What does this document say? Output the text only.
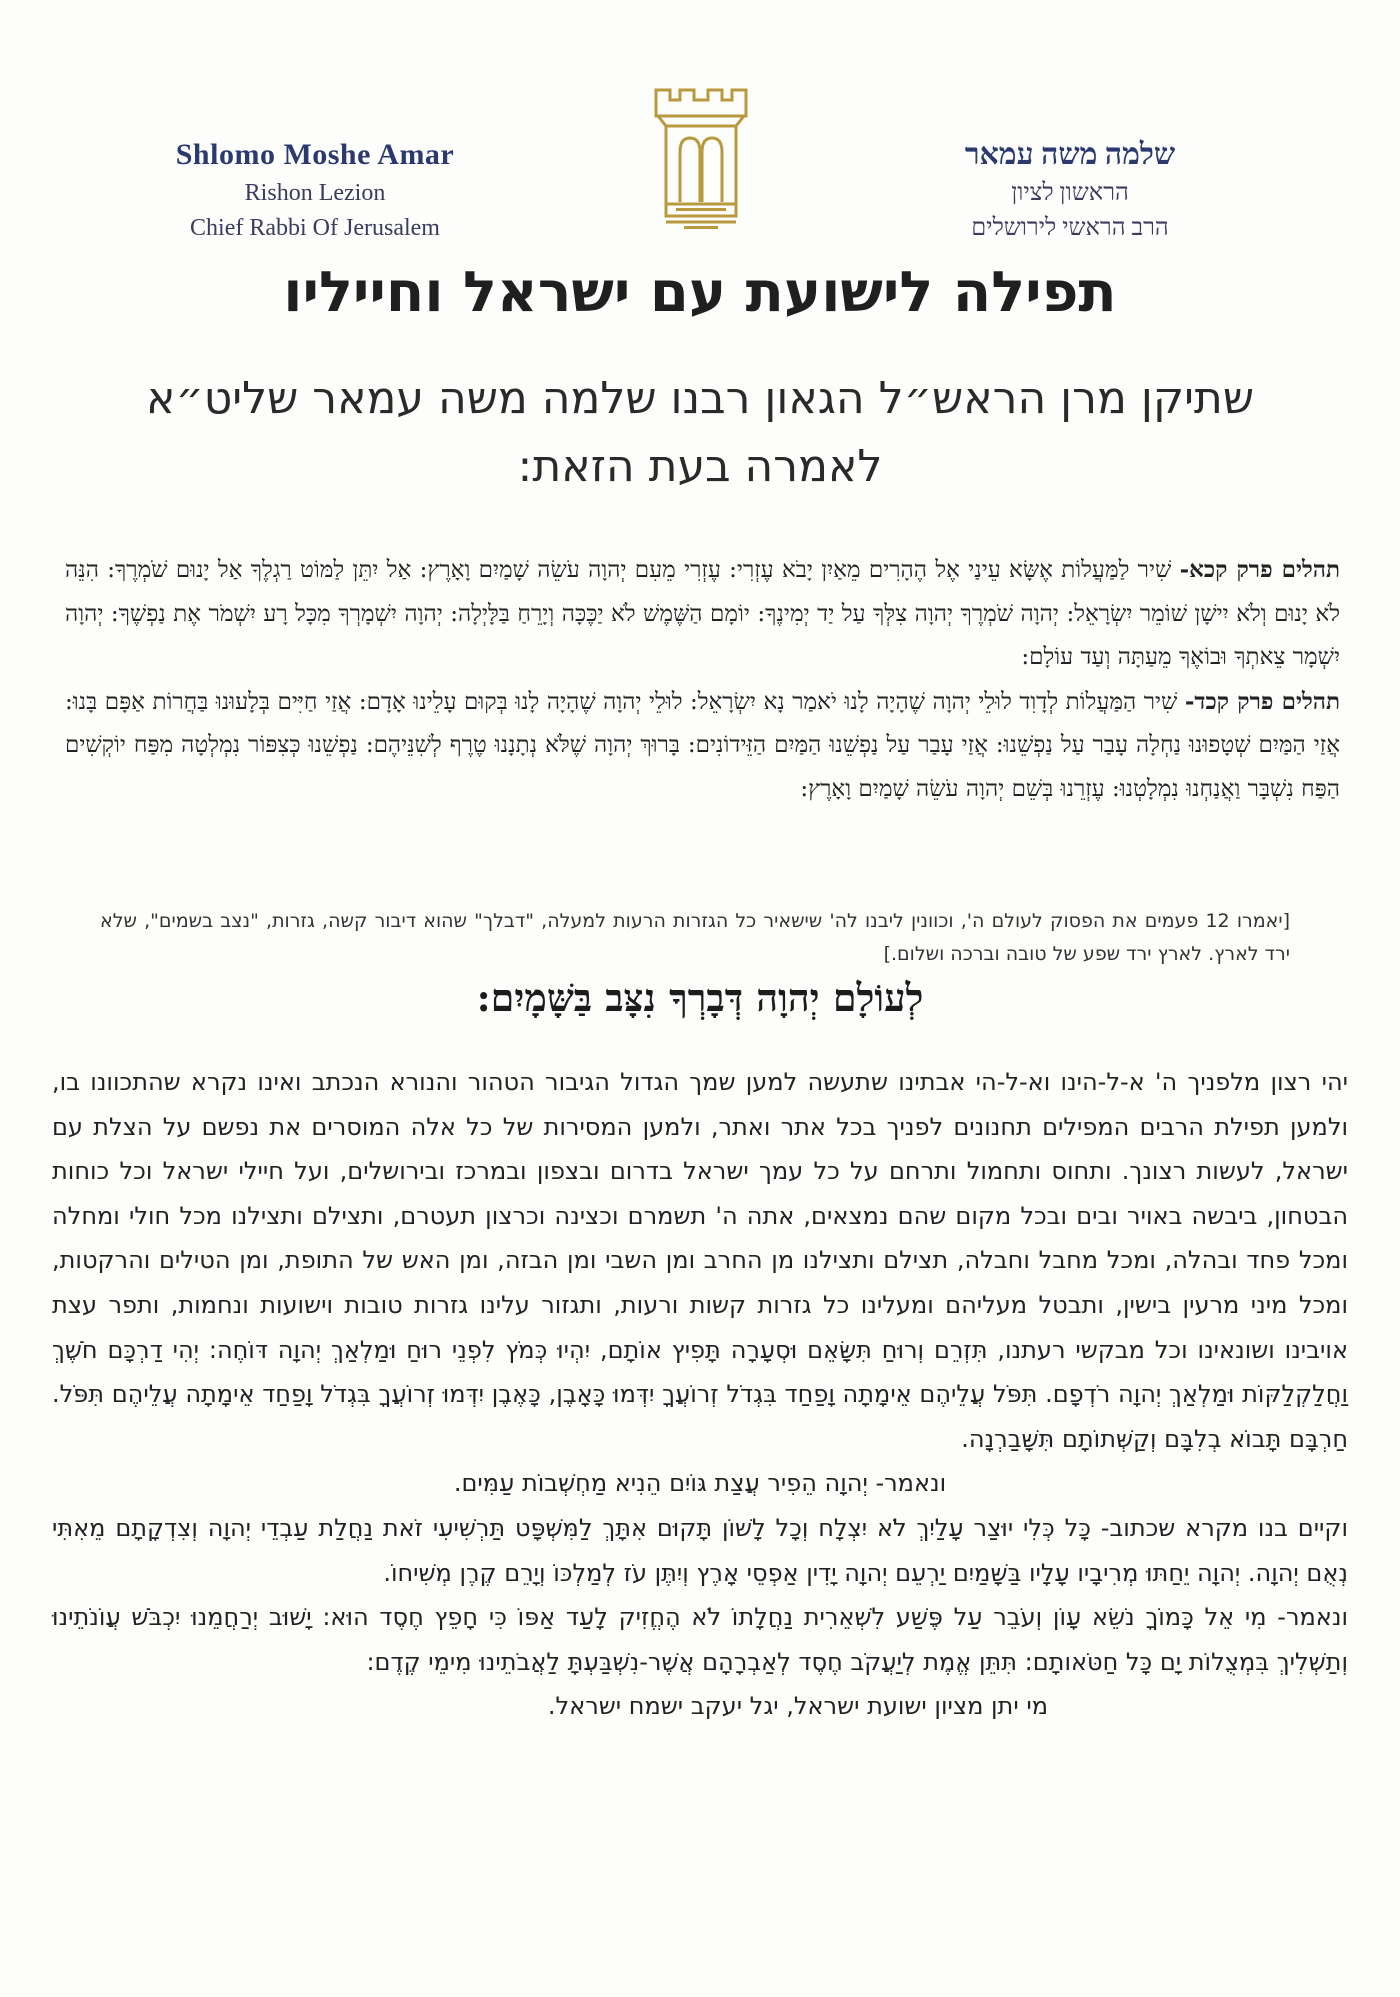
Shlomo Moshe Amar
Rishon Lezion
Chief Rabbi Of Jerusalem
שלמה משה עמאר
הראשון לציון
הרב הראשי לירושלים
תפילה לישועת עם ישראל וחייליו
שתיקן מרן הראש״ל הגאון רבנו שלמה משה עמאר שליט״א
לאמרה בעת הזאת:

תהלים פרק קכא- שִׁיר לַמַּעֲלוֹת אֶשָּׂא עֵינַי אֶל הֶהָרִים מֵאַיִן יָבֹא עֶזְרִי: עֶזְרִי מֵעִם יְהוָה עֹשֵׂה שָׁמַיִם וָאָרֶץ: אַל יִתֵּן לַמּוֹט רַגְלֶךָ אַל יָנוּם שֹׁמְרֶךָ: הִנֵּה לֹא יָנוּם וְלֹא יִישָׁן שׁוֹמֵר יִשְׂרָאֵל: יְהוָה שֹׁמְרֶךָ יְהוָה צִלְּךָ עַל יַד יְמִינֶךָ: יוֹמָם הַשֶּׁמֶשׁ לֹא יַכֶּכָּה וְיָרֵחַ בַּלָּיְלָה: יְהוָה יִשְׁמָרְךָ מִכָּל רָע יִשְׁמֹר אֶת נַפְשֶׁךָ: יְהוָה יִשְׁמָר צֵאתְךָ וּבוֹאֶךָ מֵעַתָּה וְעַד עוֹלָם:

תהלים פרק קכד- שִׁיר הַמַּעֲלוֹת לְדָוִד לוּלֵי יְהוָה שֶׁהָיָה לָנוּ יֹאמַר נָא יִשְׂרָאֵל: לוּלֵי יְהוָה שֶׁהָיָה לָנוּ בְּקוּם עָלֵינוּ אָדָם: אֲזַי חַיִּים בְּלָעוּנוּ בַּחֲרוֹת אַפָּם בָּנוּ: אֲזַי הַמַּיִם שְׁטָפוּנוּ נַחְלָה עָבַר עַל נַפְשֵׁנוּ: אֲזַי עָבַר עַל נַפְשֵׁנוּ הַמַּיִם הַזֵּידוֹנִים: בָּרוּךְ יְהוָה שֶׁלֹּא נְתָנָנוּ טֶרֶף לְשִׁנֵּיהֶם: נַפְשֵׁנוּ כְּצִפּוֹר נִמְלְטָה מִפַּח יוֹקְשִׁים הַפַּח נִשְׁבָּר וַאֲנַחְנוּ נִמְלָטְנוּ: עֶזְרֵנוּ בְּשֵׁם יְהוָה עֹשֵׂה שָׁמַיִם וָאָרֶץ:

[יאמרו 12 פעמים את הפסוק לעולם ה', וכוונין ליבנו לה' שישאיר כל הגזרות הרעות למעלה, "דבלך" שהוא דיבור קשה, גזרות, "נצב בשמים", שלא ירד לארץ. לארץ ירד שפע של טובה וברכה ושלום.]
לְעוֹלָם יְהוָה דְּבָרְךָ נִצָּב בַּשָּׁמָיִם:

יהי רצון מלפניך ה' א-ל-הינו וא-ל-הי אבתינו שתעשה למען שמך הגדול הגיבור הטהור והנורא הנכתב ואינו נקרא שהתכוונו בו, ולמען תפילת הרבים המפילים תחנונים לפניך בכל אתר ואתר, ולמען המסירות של כל אלה המוסרים את נפשם על הצלת עם ישראל, לעשות רצונך. ותחוס ותחמול ותרחם על כל עמך ישראל בדרום ובצפון ובמרכז ובירושלים, ועל חיילי ישראל וכל כוחות הבטחון, ביבשה באויר ובים ובכל מקום שהם נמצאים, אתה ה' תשמרם וכצינה וכרצון תעטרם, ותצילם ותצילנו מכל חולי ומחלה ומכל פחד ובהלה, ומכל מחבל וחבלה, תצילם ותצילנו מן החרב ומן השבי ומן הבזה, ומן האש של התופת, ומן הטילים והרקטות, ומכל מיני מרעין בישין, ותבטל מעליהם ומעלינו כל גזרות קשות ורעות, ותגזור עלינו גזרות טובות וישועות ונחמות, ותפר עצת אויבינו ושונאינו וכל מבקשי רעתנו, תִּזְרֵם וְרוּחַ תִּשָּׂאֵם וּסְעָרָה תָּפִיץ אוֹתָם, יִהְיוּ כְּמֹץ לִפְנֵי רוּחַ וּמַלְאַךְ יְהוָה דּוֹחֶה: יְהִי דַרְכָּם חֹשֶׁךְ וַחֲלַקְלַקּוֹת וּמַלְאַךְ יְהוָה רֹדְפָם. תִּפֹּל עֲלֵיהֶם אֵימָתָה וָפַחַד בִּגְדֹל זְרוֹעֲךָ יִדְּמוּ כָּאָבֶן, כָּאֶבֶן יִדְּמוּ זְרוֹעֲךָ בִּגְדֹל וָפַחַד אֵימָתָה עֲלֵיהֶם תִּפֹּל. חַרְבָּם תָּבוֹא בְלִבָּם וְקַשְּׁתוֹתָם תִּשָּׁבַרְנָה.

ונאמר- יְהוָה הֵפִיר עֲצַת גּוֹיִם הֵנִיא מַחְשְׁבוֹת עַמִּים.

וקיים בנו מקרא שכתוב- כָּל כְּלִי יוּצַר עָלַיִךְ לֹא יִצְלָח וְכָל לָשׁוֹן תָּקוּם אִתָּךְ לַמִּשְׁפָּט תַּרְשִׁיעִי זֹאת נַחֲלַת עַבְדֵי יְהוָה וְצִדְקָתָם מֵאִתִּי נְאֻם יְהוָה. יְהוָה יֵחַתּוּ מְרִיבָיו עָלָיו בַּשָּׁמַיִם יַרְעֵם יְהוָה יָדִין אַפְסֵי אָרֶץ וְיִתֶּן עֹז לְמַלְכּוֹ וְיָרֵם קֶרֶן מְשִׁיחוֹ.

ונאמר- מִי אֵל כָּמוֹךָ נֹשֵׂא עָוֹן וְעֹבֵר עַל פֶּשַׁע לִשְׁאֵרִית נַחֲלָתוֹ לֹא הֶחֱזִיק לָעַד אַפּוֹ כִּי חָפֵץ חֶסֶד הוּא: יָשׁוּב יְרַחֲמֵנוּ יִכְבֹּשׁ עֲוֹנֹתֵינוּ וְתַשְׁלִיךְ בִּמְצֻלוֹת יָם כָּל חַטֹּאותָם: תִּתֵּן אֱמֶת לְיַעֲקֹב חֶסֶד לְאַבְרָהָם אֲשֶׁר-נִשְׁבַּעְתָּ לַאֲבֹתֵינוּ מִימֵי קֶדֶם:

מי יתן מציון ישועת ישראל, יגל יעקב ישמח ישראל.
